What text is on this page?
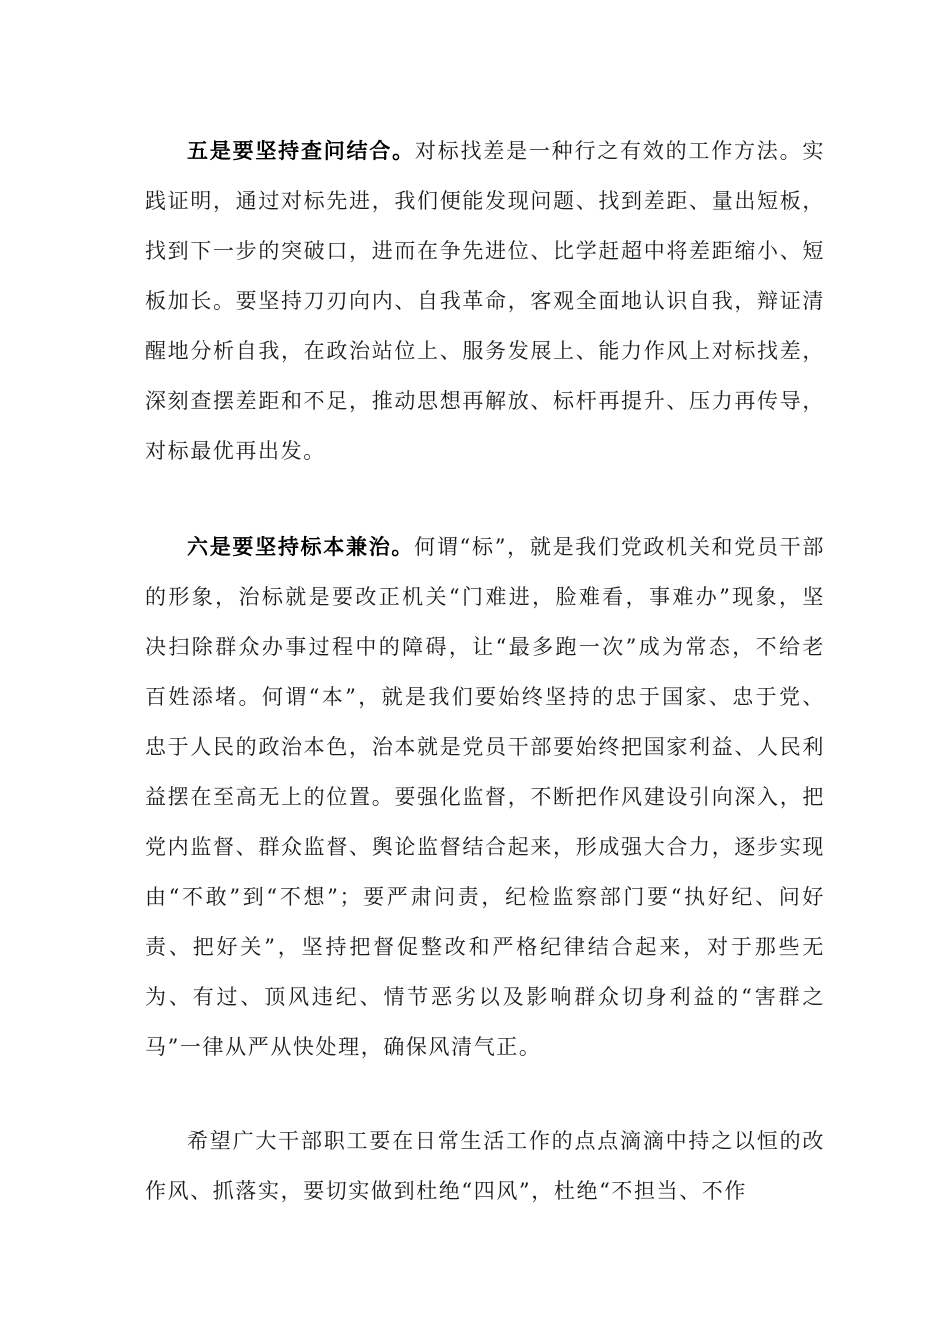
五是要坚持查问结合。对标找差是一种行之有效的工作方法。实践证明，通过对标先进，我们便能发现问题、找到差距、量出短板，找到下一步的突破口，进而在争先进位、比学赶超中将差距缩小、短板加长。要坚持刀刃向内、自我革命，客观全面地认识自我，辩证清醒地分析自我，在政治站位上、服务发展上、能力作风上对标找差，深刻查摆差距和不足，推动思想再解放、标杆再提升、压力再传导，对标最优再出发。

六是要坚持标本兼治。何谓“标”，就是我们党政机关和党员干部的形象，治标就是要改正机关“门难进，脸难看，事难办”现象，坚决扫除群众办事过程中的障碍，让“最多跑一次”成为常态，不给老百姓添堵。何谓“本”，就是我们要始终坚持的忠于国家、忠于党、忠于人民的政治本色，治本就是党员干部要始终把国家利益、人民利益摆在至高无上的位置。要强化监督，不断把作风建设引向深入，把党内监督、群众监督、舆论监督结合起来，形成强大合力，逐步实现由“不敢”到“不想”；要严肃问责，纪检监察部门要“执好纪、问好责、把好关”，坚持把督促整改和严格纪律结合起来，对于那些无为、有过、顶风违纪、情节恶劣以及影响群众切身利益的“害群之马”一律从严从快处理，确保风清气正。

希望广大干部职工要在日常生活工作的点点滴滴中持之以恒的改作风、抓落实，要切实做到杜绝“四风”，杜绝“不担当、不作
